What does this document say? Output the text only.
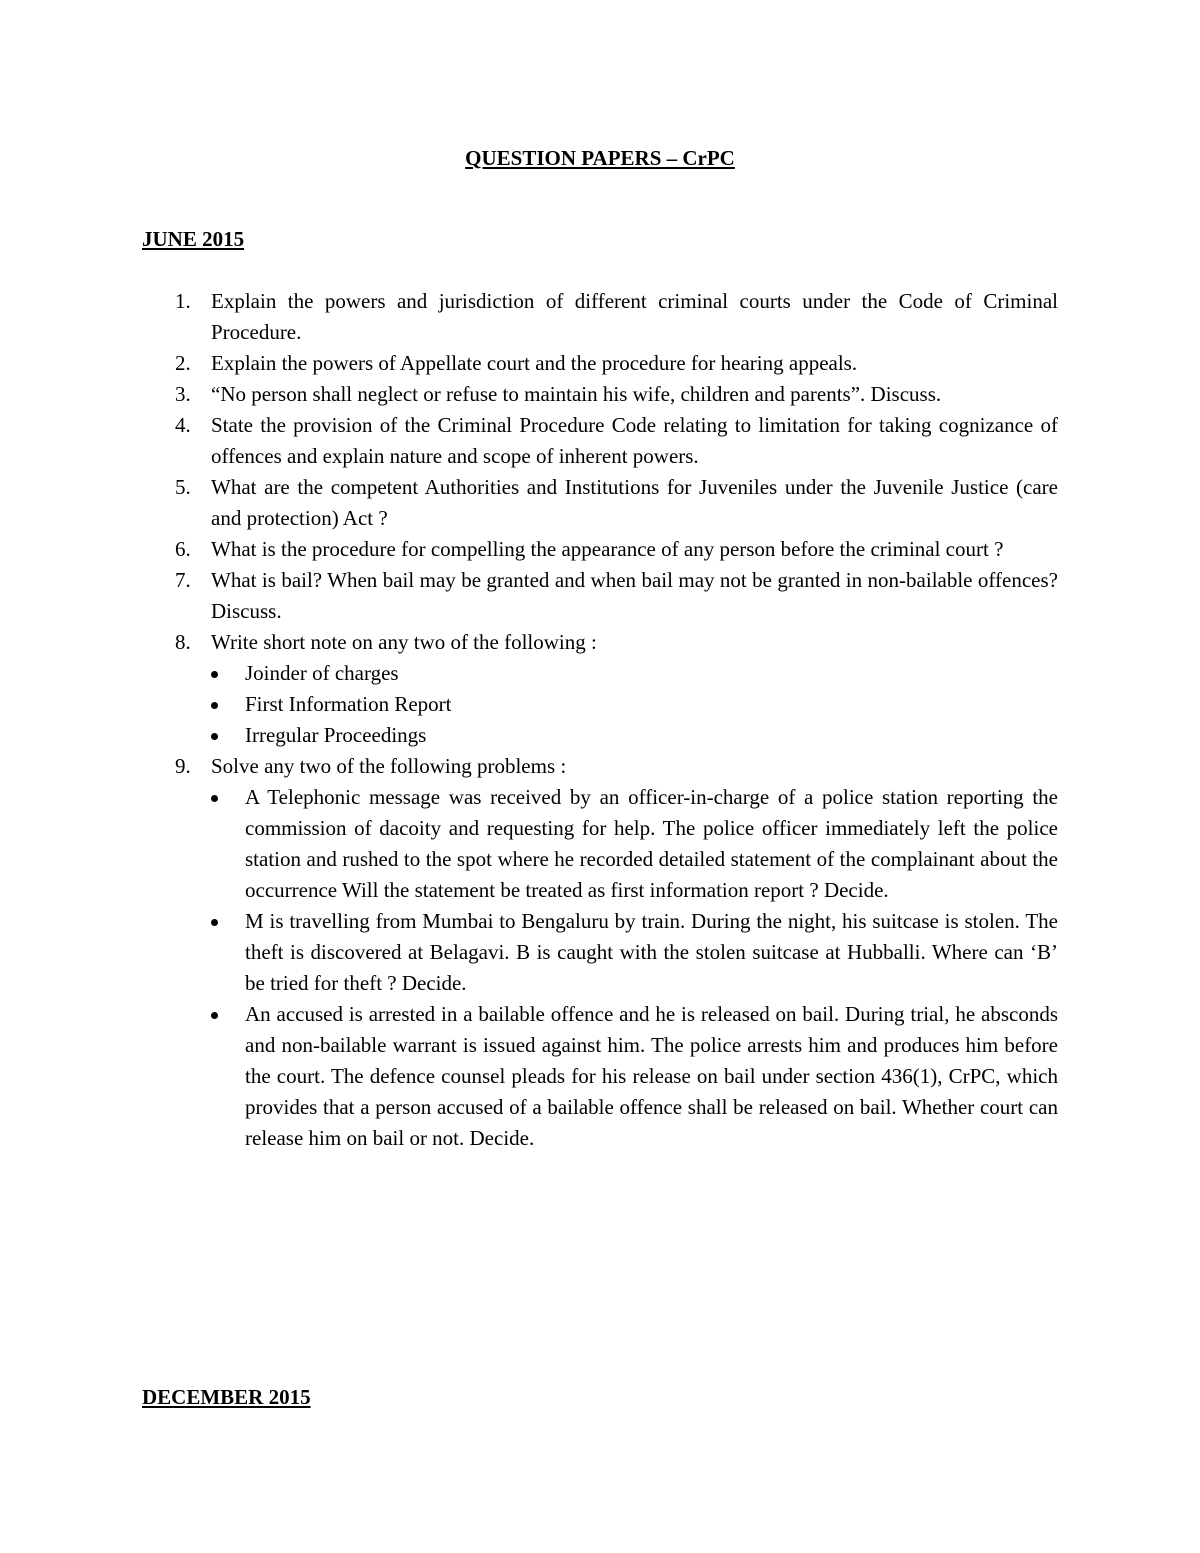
QUESTION PAPERS – CrPC
JUNE 2015
1. Explain the powers and jurisdiction of different criminal courts under the Code of Criminal Procedure.
2. Explain the powers of Appellate court and the procedure for hearing appeals.
3. “No person shall neglect or refuse to maintain his wife, children and parents”. Discuss.
4. State the provision of the Criminal Procedure Code relating to limitation for taking cognizance of offences and explain nature and scope of inherent powers.
5. What are the competent Authorities and Institutions for Juveniles under the Juvenile Justice (care and protection) Act ?
6. What is the procedure for compelling the appearance of any person before the criminal court ?
7. What is bail? When bail may be granted and when bail may not be granted in non-bailable offences? Discuss.
8. Write short note on any two of the following :
Joinder of charges
First Information Report
Irregular Proceedings
9. Solve any two of the following problems :
A Telephonic message was received by an officer-in-charge of a police station reporting the commission of dacoity and requesting for help. The police officer immediately left the police station and rushed to the spot where he recorded detailed statement of the complainant about the occurrence Will the statement be treated as first information report ? Decide.
M is travelling from Mumbai to Bengaluru by train. During the night, his suitcase is stolen. The theft is discovered at Belagavi. B is caught with the stolen suitcase at Hubballi. Where can ‘B’ be tried for theft ? Decide.
An accused is arrested in a bailable offence and he is released on bail. During trial, he absconds and non-bailable warrant is issued against him. The police arrests him and produces him before the court. The defence counsel pleads for his release on bail under section 436(1), CrPC, which provides that a person accused of a bailable offence shall be released on bail. Whether court can release him on bail or not. Decide.
DECEMBER 2015
